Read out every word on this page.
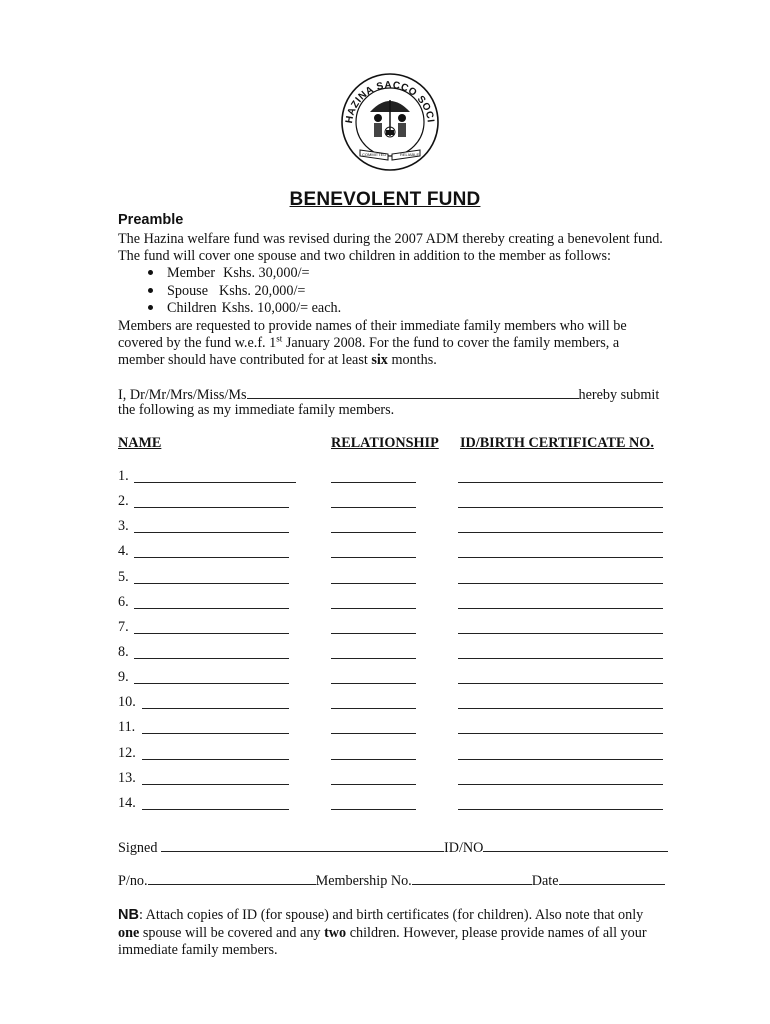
HAZINA SACCO SOCI
COMMITTED	RELIABLE
BENEVOLENT FUND
Preamble
The Hazina welfare fund was revised during the 2007 ADM thereby creating a benevolent fund.
The fund will cover one spouse and two children in addition to the member as follows:
Member Kshs. 30,000/=
Spouse Kshs. 20,000/=
Children Kshs. 10,000/= each.
Members are requested to provide names of their immediate family members who will be
covered by the fund w.e.f. 1st January 2008. For the fund to cover the family members, a
member should have contributed for at least six months.
I, Dr/Mr/Mrs/Miss/Ms	hereby submit
the following as my immediate family members.
NAME	RELATIONSHIP ID/BIRTH CERTIFICATE NO.
1.
2.
3.
4.
5.
6.
7.
8.
9.
10.
11.
12.
13.
14.
Signed	ID/NO
P/no.	Membership No.	Date
NB: Attach copies of ID (for spouse) and birth certificates (for children). Also note that only
one spouse will be covered and any two children. However, please provide names of all your
immediate family members.
